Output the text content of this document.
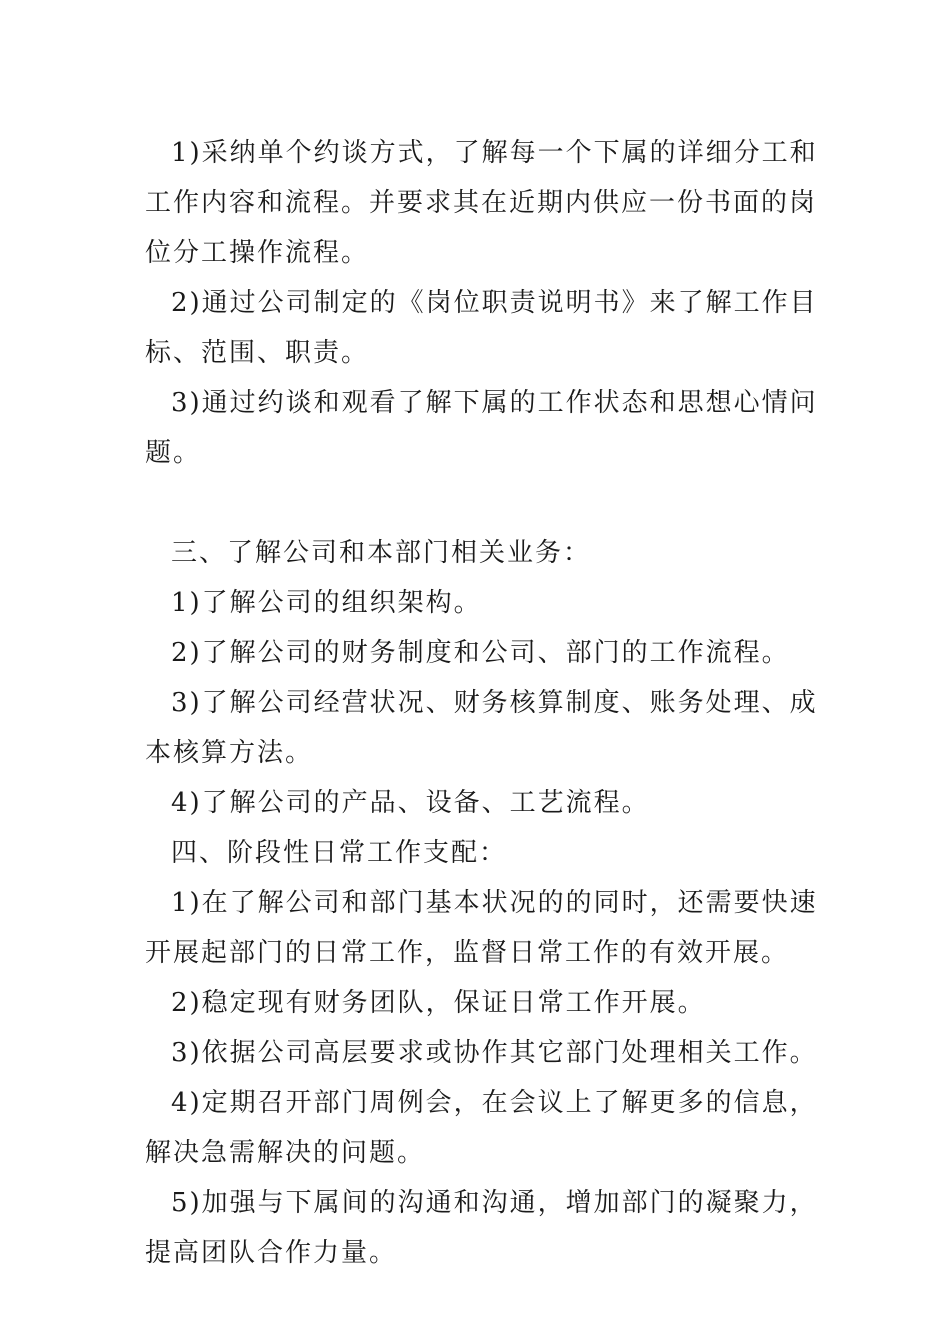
1)采纳单个约谈方式，了解每一个下属的详细分工和工作内容和流程。并要求其在近期内供应一份书面的岗位分工操作流程。

2)通过公司制定的《岗位职责说明书》来了解工作目标、范围、职责。

3)通过约谈和观看了解下属的工作状态和思想心情问题。

三、了解公司和本部门相关业务：

1)了解公司的组织架构。

2)了解公司的财务制度和公司、部门的工作流程。

3)了解公司经营状况、财务核算制度、账务处理、成本核算方法。

4)了解公司的产品、设备、工艺流程。

四、阶段性日常工作支配：

1)在了解公司和部门基本状况的的同时，还需要快速开展起部门的日常工作，监督日常工作的有效开展。

2)稳定现有财务团队，保证日常工作开展。

3)依据公司高层要求或协作其它部门处理相关工作。

4)定期召开部门周例会，在会议上了解更多的信息，解决急需解决的问题。

5)加强与下属间的沟通和沟通，增加部门的凝聚力，提高团队合作力量。
